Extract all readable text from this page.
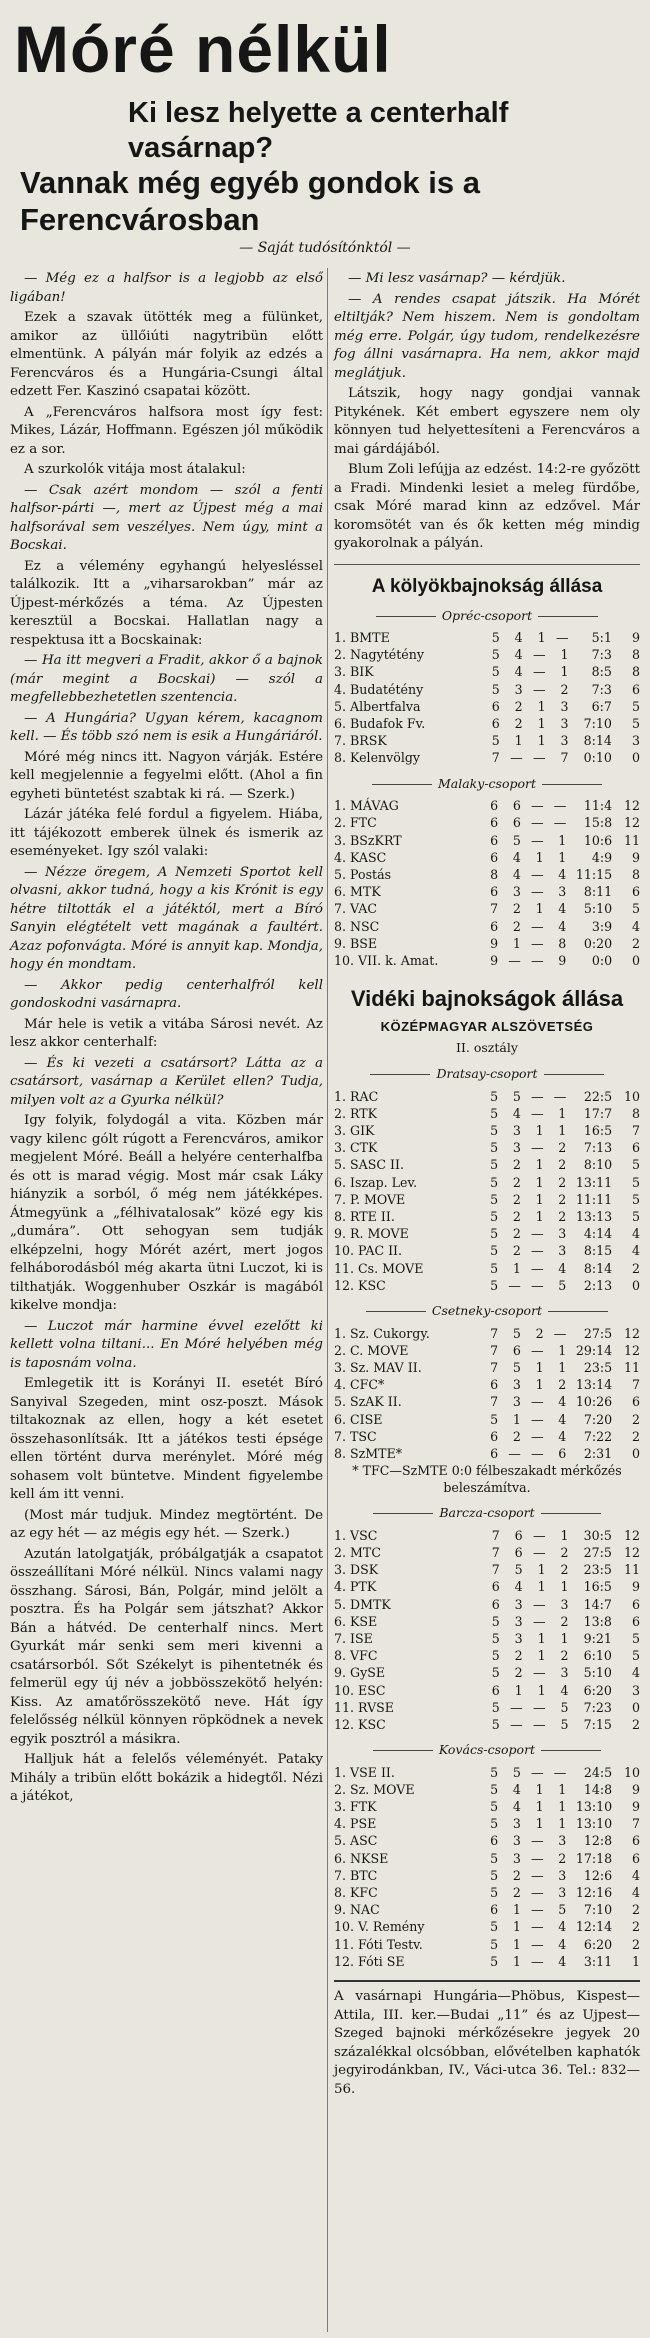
Móré nélkül
Ki lesz helyette a centerhalf vasárnap?
Vannak még egyéb gondok is a Ferencvárosban
— Saját tudósítónktól —

— Még ez a halfsor is a legjobb az első ligában!

Ezek a szavak ütötték meg a fülünket, amikor az üllőiúti nagytribün előtt elmentünk. A pályán már folyik az edzés a Ferencváros és a Hungária-Csungi által edzett Fer. Kaszinó csapatai között.

A „Ferencváros halfsora most így fest: Mikes, Lázár, Hoffmann. Egészen jól működik ez a sor.

A szurkolók vitája most átalakul:

— Csak azért mondom — szól a fenti halfsor-párti —, mert az Újpest még a mai halfsorával sem veszélyes. Nem úgy, mint a Bocskai.

Ez a vélemény egyhangú helyesléssel találkozik. Itt a „viharsarokban” már az Újpest-mérkőzés a téma. Az Újpesten keresztül a Bocskai. Hallatlan nagy a respektusa itt a Bocskainak:

— Ha itt megveri a Fradit, akkor ő a bajnok (már megint a Bocskai) — szól a megfellebbezhetetlen szentencia.

— A Hungária? Ugyan kérem, kacagnom kell. — És több szó nem is esik a Hungáriáról.

Móré még nincs itt. Nagyon várják. Estére kell megjelennie a fegyelmi előtt. (Ahol a fin egyheti büntetést szabtak ki rá. — Szerk.)

Lázár játéka felé fordul a figyelem. Hiába, itt tájékozott emberek ülnek és ismerik az eseményeket. Igy szól valaki:

— Nézze öregem, A Nemzeti Sportot kell olvasni, akkor tudná, hogy a kis Krónit is egy hétre tiltották el a játéktól, mert a Bíró Sanyin elégtételt vett magának a faultért. Azaz pofonvágta. Móré is annyit kap. Mondja, hogy én mondtam.

— Akkor pedig centerhalfról kell gondoskodni vasárnapra.

Már hele is vetik a vitába Sárosi nevét. Az lesz akkor centerhalf:

— És ki vezeti a csatársort? Látta az a csatársort, vasárnap a Kerület ellen? Tudja, milyen volt az a Gyurka nélkül?

Igy folyik, folydogál a vita. Közben már vagy kilenc gólt rúgott a Ferencváros, amikor megjelent Móré. Beáll a helyére centerhalfba és ott is marad végig. Most már csak Láky hiányzik a sorból, ő még nem játékképes. Átmegyünk a „félhivatalosak” közé egy kis „dumára”. Ott sehogyan sem tudják elképzelni, hogy Mórét azért, mert jogos felháborodásból még akarta ütni Luczot, ki is tilthatják. Woggenhuber Oszkár is magából kikelve mondja:

— Luczot már harmine évvel ezelőtt ki kellett volna tiltani... En Móré helyében még is taposnám volna.

Emlegetik itt is Korányi II. esetét Bíró Sanyival Szegeden, mint osz-poszt. Mások tiltakoznak az ellen, hogy a két esetet összehasonlítsák. Itt a játékos testi épsége ellen történt durva merénylet. Móré még sohasem volt büntetve. Mindent figyelembe kell ám itt venni.

(Most már tudjuk. Mindez megtörtént. De az egy hét — az mégis egy hét. — Szerk.)

Azután latolgatják, próbálgatják a csapatot összeállítani Móré nélkül. Nincs valami nagy összhang. Sárosi, Bán, Polgár, mind jelölt a posztra. És ha Polgár sem játszhat? Akkor Bán a hátvéd. De centerhalf nincs. Mert Gyurkát már senki sem meri kivenni a csatársorból. Sőt Székelyt is pihentetnék és felmerül egy új név a jobbösszekötő helyén: Kiss. Az amatőrösszekötő neve. Hát így felelősség nélkül könnyen röpködnek a nevek egyik posztról a másikra.

Halljuk hát a felelős véleményét. Pataky Mihály a tribün előtt bokázik a hidegtől. Nézi a játékot,

— Mi lesz vasárnap? — kérdjük.

— A rendes csapat játszik. Ha Mórét eltiltják? Nem hiszem. Nem is gondoltam még erre. Polgár, úgy tudom, rendelkezésre fog állni vasárnapra. Ha nem, akkor majd meglátjuk.

Látszik, hogy nagy gondjai vannak Pitykének. Két embert egyszere nem oly könnyen tud helyettesíteni a Ferencváros a mai gárdájából.

Blum Zoli lefújja az edzést. 14:2-re győzött a Fradi. Mindenki lesiet a meleg fürdőbe, csak Móré marad kinn az edzővel. Már koromsötét van és ők ketten még mindig gyakorolnak a pályán.

A kölyökbajnokság állása
Opréc-csoport
1. BMTE	5	4	1	—	5:1	9
2. Nagytétény	5	4	—	1	7:3	8
3. BIK	5	4	—	1	8:5	8
4. Budatétény	5	3	—	2	7:3	6
5. Albertfalva	6	2	1	3	6:7	5
6. Budafok Fv.	6	2	1	3	7:10	5
7. BRSK	5	1	1	3	8:14	3
8. Kelenvölgy	7	—	—	7	0:10	0
Malaky-csoport
1. MÁVAG	6	6	—	—	11:4	12
2. FTC	6	6	—	—	15:8	12
3. BSzKRT	6	5	—	1	10:6	11
4. KASC	6	4	1	1	4:9	9
5. Postás	8	4	—	4	11:15	8
6. MTK	6	3	—	3	8:11	6
7. VAC	7	2	1	4	5:10	5
8. NSC	6	2	—	4	3:9	4
9. BSE	9	1	—	8	0:20	2
10. VII. k. Amat.	9	—	—	9	0:0	0
Vidéki bajnokságok állása
KÖZÉPMAGYAR ALSZÖVETSÉG
II. osztály
Dratsay-csoport
1. RAC	5	5	—	—	22:5	10
2. RTK	5	4	—	1	17:7	8
3. GIK	5	3	1	1	16:5	7
3. CTK	5	3	—	2	7:13	6
5. SASC II.	5	2	1	2	8:10	5
6. Iszap. Lev.	5	2	1	2	13:11	5
7. P. MOVE	5	2	1	2	11:11	5
8. RTE II.	5	2	1	2	13:13	5
9. R. MOVE	5	2	—	3	4:14	4
10. PAC II.	5	2	—	3	8:15	4
11. Cs. MOVE	5	1	—	4	8:14	2
12. KSC	5	—	—	5	2:13	0
Csetneky-csoport
1. Sz. Cukorgy.	7	5	2	—	27:5	12
2. C. MOVE	7	6	—	1	29:14	12
3. Sz. MAV II.	7	5	1	1	23:5	11
4. CFC*	6	3	1	2	13:14	7
5. SzAK II.	7	3	—	4	10:26	6
6. CISE	5	1	—	4	7:20	2
7. TSC	6	2	—	4	7:22	2
8. SzMTE*	6	—	—	6	2:31	0
* TFC—SzMTE 0:0 félbeszakadt mérkőzés beleszámítva.
Barcza-csoport
1. VSC	7	6	—	1	30:5	12
2. MTC	7	6	—	2	27:5	12
3. DSK	7	5	1	2	23:5	11
4. PTK	6	4	1	1	16:5	9
5. DMTK	6	3	—	3	14:7	6
6. KSE	5	3	—	2	13:8	6
7. ISE	5	3	1	1	9:21	5
8. VFC	5	2	1	2	6:10	5
9. GySE	5	2	—	3	5:10	4
10. ESC	6	1	1	4	6:20	3
11. RVSE	5	—	—	5	7:23	0
12. KSC	5	—	—	5	7:15	2
Kovács-csoport
1. VSE II.	5	5	—	—	24:5	10
2. Sz. MOVE	5	4	1	1	14:8	9
3. FTK	5	4	1	1	13:10	9
4. PSE	5	3	1	1	13:10	7
5. ASC	6	3	—	3	12:8	6
6. NKSE	5	3	—	2	17:18	6
7. BTC	5	2	—	3	12:6	4
8. KFC	5	2	—	3	12:16	4
9. NAC	6	1	—	5	7:10	2
10. V. Remény	5	1	—	4	12:14	2
11. Fóti Testv.	5	1	—	4	6:20	2
12. Fóti SE	5	1	—	4	3:11	1
A vasárnapi Hungária—Phöbus, Kispest—Attila, III. ker.—Budai „11” és az Ujpest—Szeged bajnoki mérkőzésekre jegyek 20 százalékkal olcsóbban, elővételben kaphatók jegyirodánkban, IV., Váci-utca 36. Tel.: 832—56.
